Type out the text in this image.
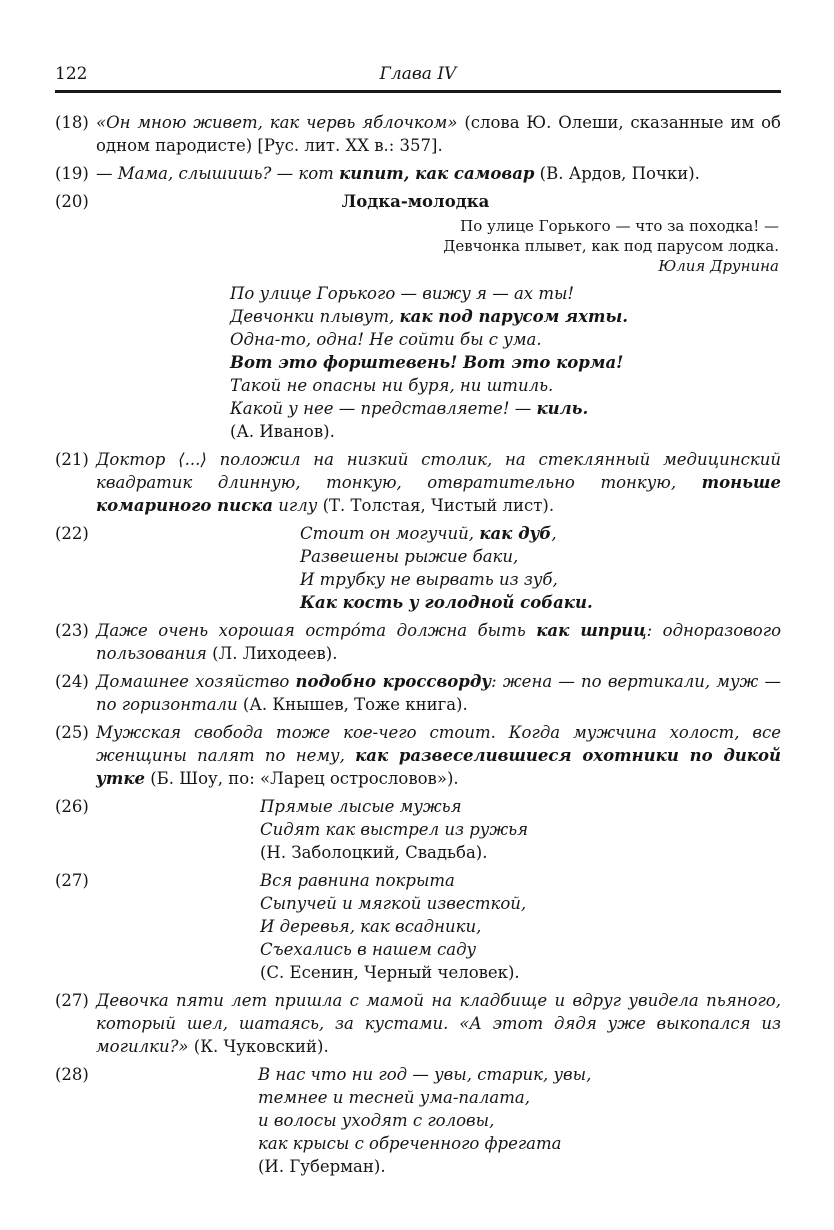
122	Глава IV
(18) «Он мною живет, как червь яблочком» (слова Ю. Олеши, сказанные им об одном пародисте) [Рус. лит. XX в.: 357].

(19) — Мама, слышишь? — кот кипит, как самовар (В. Ардов, Почки).

(20)	Лодка-молодка
По улице Горького — что за походка! —
Девчонка плывет, как под парусом лодка.
Юлия Друнина
По улице Горького — вижу я — ах ты!
Девчонки плывут, как под парусом яхты.
Одна-то, одна! Не сойти бы с ума.
Вот это форштевень! Вот это корма!
Такой не опасны ни буря, ни штиль.
Какой у нее — представляете! — киль.
(А. Иванов).
(21) Доктор ⟨...⟩ положил на низкий столик, на стеклянный медицинский квадратик длинную, тонкую, отвратительно тонкую, тоньше комариного писка иглу (Т. Толстая, Чистый лист).

(22)	Стоит он могучий, как дуб,
Развешены рыжие баки,
И трубку не вырвать из зуб,
Как кость у голодной собаки.
(23) Даже очень хорошая остро́та должна быть как шприц: одноразового пользования (Л. Лиходеев).

(24) Домашнее хозяйство подобно кроссворду: жена — по вертикали, муж — по горизонтали (А. Кнышев, Тоже книга).

(25) Мужская свобода тоже кое-чего стоит. Когда мужчина холост, все женщины палят по нему, как развеселившиеся охотники по дикой утке (Б. Шоу, по: «Ларец острословов»).

(26)	Прямые лысые мужья
Сидят как выстрел из ружья
(Н. Заболоцкий, Свадьба).
(27)	Вся равнина покрыта
Сыпучей и мягкой известкой,
И деревья, как всадники,
Съехались в нашем саду
(С. Есенин, Черный человек).
(27) Девочка пяти лет пришла с мамой на кладбище и вдруг увидела пьяного, который шел, шатаясь, за кустами. «А этот дядя уже выкопался из могилки?» (К. Чуковский).

(28)	В нас что ни год — увы, старик, увы,
темнее и тесней ума-палата,
и волосы уходят с головы,
как крысы с обреченного фрегата
(И. Губерман).
